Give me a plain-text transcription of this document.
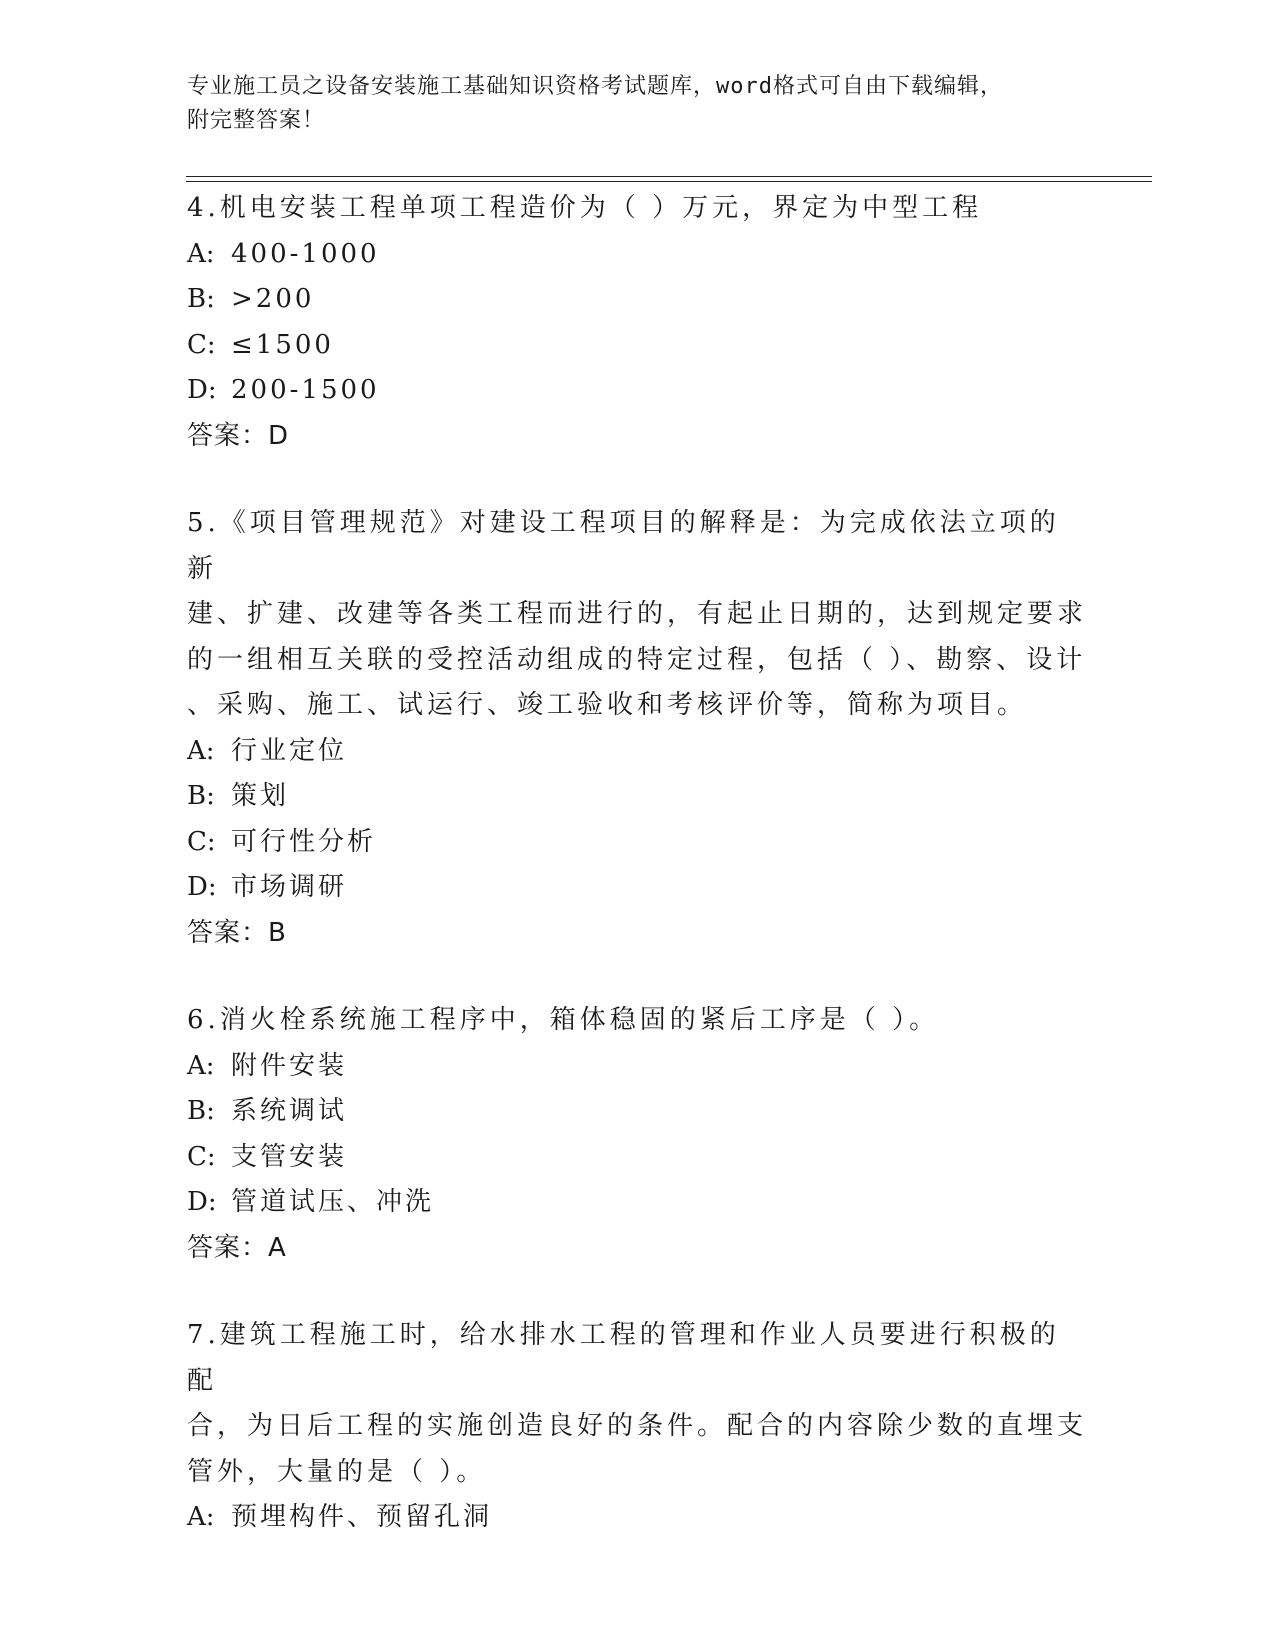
专业施工员之设备安装施工基础知识资格考试题库，word格式可自由下载编辑，
附完整答案！

4.机电安装工程单项工程造价为（ ）万元，界定为中型工程

A: 400-1000

B: >200

C: ≤1500

D: 200-1500

答案：D

5.《项目管理规范》对建设工程项目的解释是：为完成依法立项的新

建、扩建、改建等各类工程而进行的，有起止日期的，达到规定要求

的一组相互关联的受控活动组成的特定过程，包括（ ）、勘察、设计

、采购、施工、试运行、竣工验收和考核评价等，简称为项目。

A: 行业定位

B: 策划

C: 可行性分析

D: 市场调研

答案：B

6.消火栓系统施工程序中，箱体稳固的紧后工序是（ ）。

A: 附件安装

B: 系统调试

C: 支管安装

D: 管道试压、冲洗

答案：A

7.建筑工程施工时，给水排水工程的管理和作业人员要进行积极的配

合，为日后工程的实施创造良好的条件。配合的内容除少数的直埋支

管外，大量的是（ ）。

A: 预埋构件、预留孔洞
